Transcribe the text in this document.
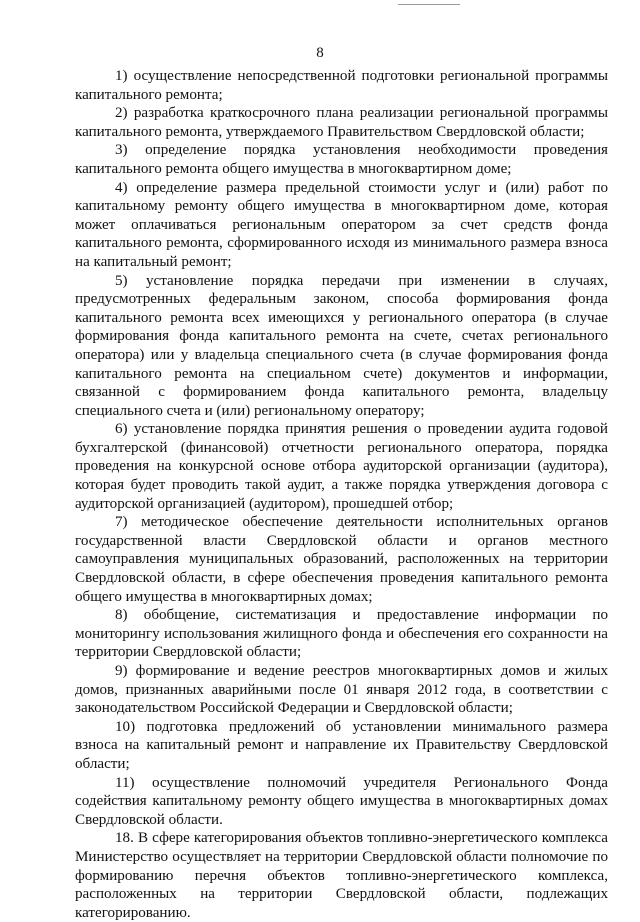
8

1) осуществление непосредственной подготовки региональной программы капитального ремонта;

2) разработка краткосрочного плана реализации региональной программы капитального ремонта, утверждаемого Правительством Свердловской области;

3) определение порядка установления необходимости проведения капитального ремонта общего имущества в многоквартирном доме;

4) определение размера предельной стоимости услуг и (или) работ по капитальному ремонту общего имущества в многоквартирном доме, которая может оплачиваться региональным оператором за счет средств фонда капитального ремонта, сформированного исходя из минимального размера взноса на капитальный ремонт;

5) установление порядка передачи при изменении в случаях, предусмотренных федеральным законом, способа формирования фонда капитального ремонта всех имеющихся у регионального оператора (в случае формирования фонда капитального ремонта на счете, счетах регионального оператора) или у владельца специального счета (в случае формирования фонда капитального ремонта на специальном счете) документов и информации, связанной с формированием фонда капитального ремонта, владельцу специального счета и (или) региональному оператору;

6) установление порядка принятия решения о проведении аудита годовой бухгалтерской (финансовой) отчетности регионального оператора, порядка проведения на конкурсной основе отбора аудиторской организации (аудитора), которая будет проводить такой аудит, а также порядка утверждения договора с аудиторской организацией (аудитором), прошедшей отбор;

7) методическое обеспечение деятельности исполнительных органов государственной власти Свердловской области и органов местного самоуправления муниципальных образований, расположенных на территории Свердловской области, в сфере обеспечения проведения капитального ремонта общего имущества в многоквартирных домах;

8) обобщение, систематизация и предоставление информации по мониторингу использования жилищного фонда и обеспечения его сохранности на территории Свердловской области;

9) формирование и ведение реестров многоквартирных домов и жилых домов, признанных аварийными после 01 января 2012 года, в соответствии с законодательством Российской Федерации и Свердловской области;

10) подготовка предложений об установлении минимального размера взноса на капитальный ремонт и направление их Правительству Свердловской области;

11) осуществление полномочий учредителя Регионального Фонда содействия капитальному ремонту общего имущества в многоквартирных домах Свердловской области.

18. В сфере категорирования объектов топливно-энергетического комплекса Министерство осуществляет на территории Свердловской области полномочие по формированию перечня объектов топливно-энергетического комплекса, расположенных на территории Свердловской области, подлежащих категорированию.
